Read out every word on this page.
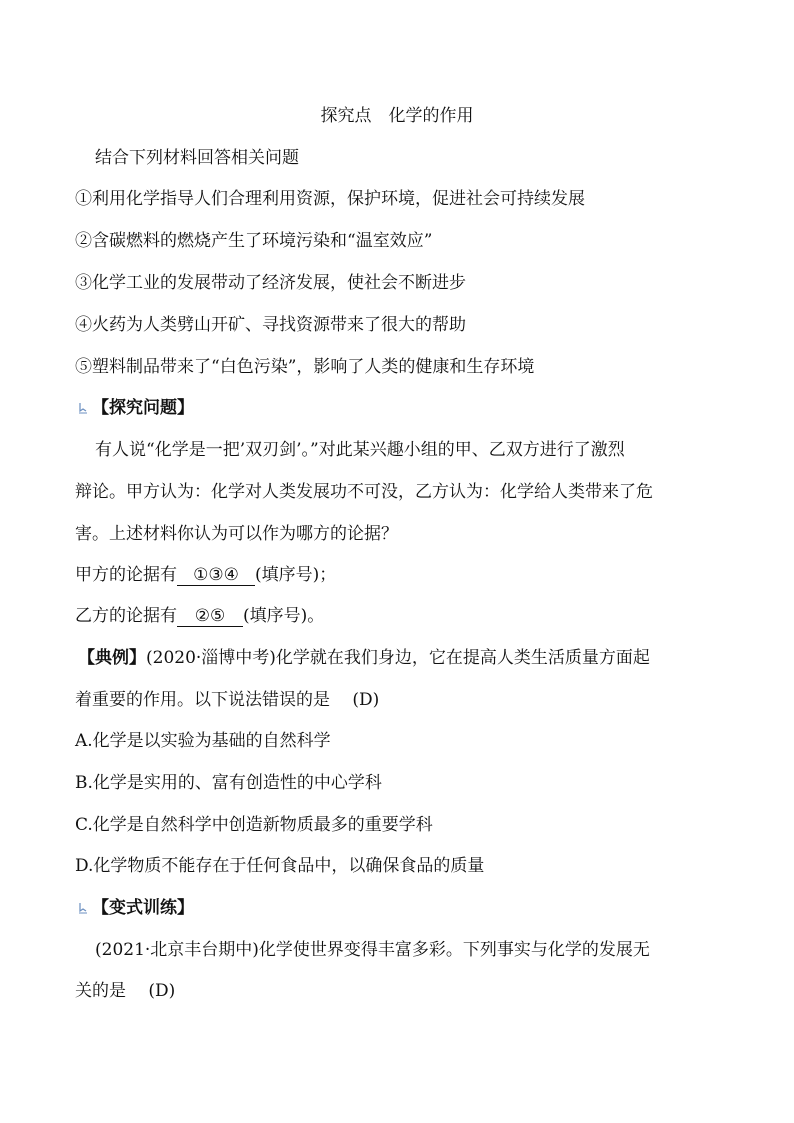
探究点　化学的作用
结合下列材料回答相关问题
①利用化学指导人们合理利用资源，保护环境，促进社会可持续发展
②含碳燃料的燃烧产生了环境污染和“温室效应”
③化学工业的发展带动了经济发展，使社会不断进步
④火药为人类劈山开矿、寻找资源带来了很大的帮助
⑤塑料制品带来了“白色污染”，影响了人类的健康和生存环境
【探究问题】
有人说“化学是一把’双刃剑’。”对此某兴趣小组的甲、乙双方进行了激烈
辩论。甲方认为：化学对人类发展功不可没，乙方认为：化学给人类带来了危
害。上述材料你认为可以作为哪方的论据？
甲方的论据有 ①③④ (填序号)；
乙方的论据有 ②⑤ (填序号)。
【典例】(2020·淄博中考)化学就在我们身边，它在提高人类生活质量方面起
着重要的作用。以下说法错误的是　 (D)
A.化学是以实验为基础的自然科学
B.化学是实用的、富有创造性的中心学科
C.化学是自然科学中创造新物质最多的重要学科
D.化学物质不能存在于任何食品中，以确保食品的质量
【变式训练】
(2021·北京丰台期中)化学使世界变得丰富多彩。下列事实与化学的发展无
关的是　 (D)
